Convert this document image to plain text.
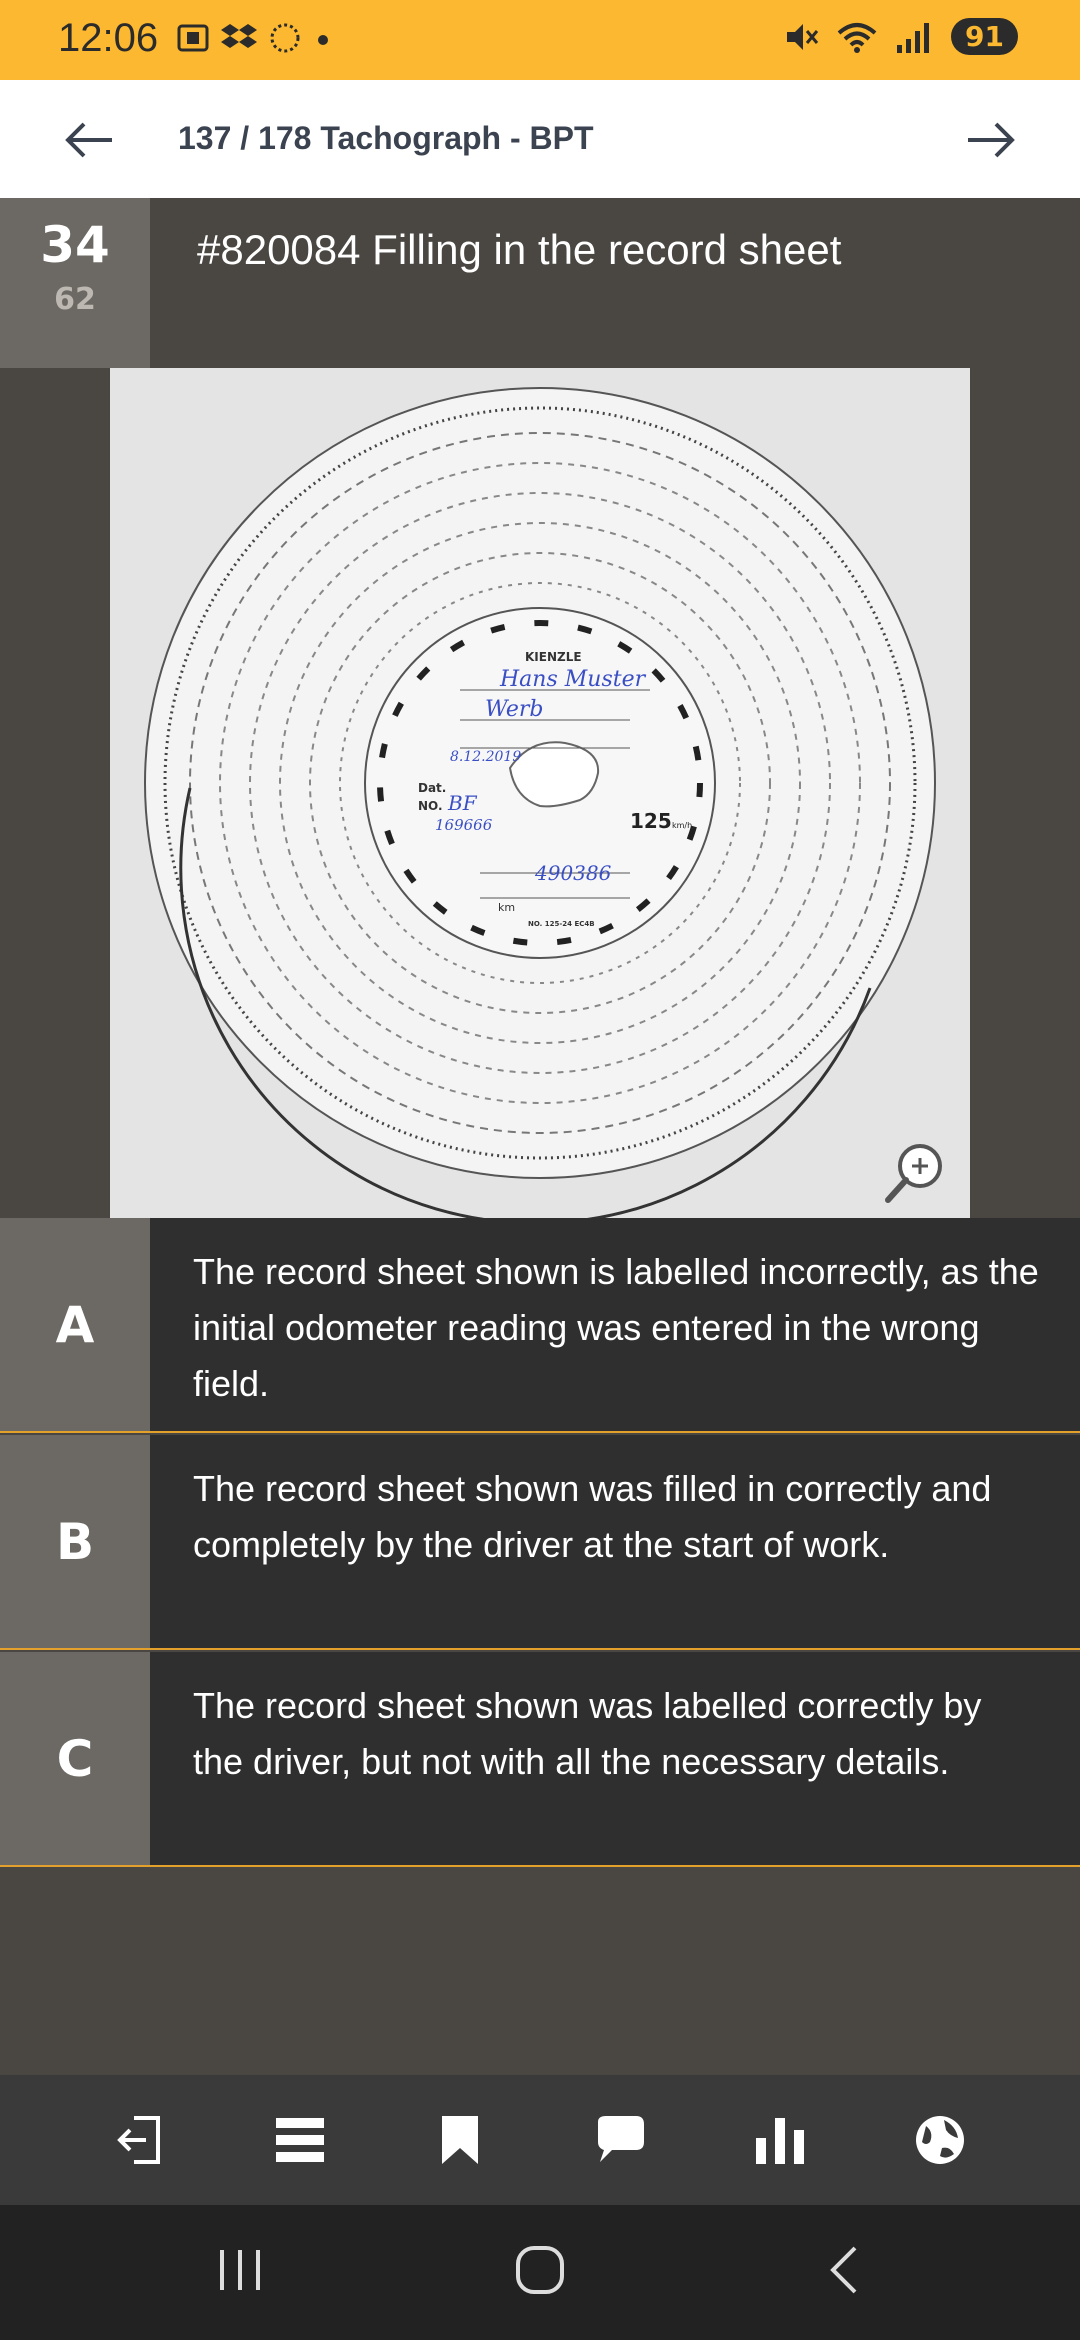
12:06	91
137 / 178 Tachograph - BPT
34
62
#820084 Filling in the record sheet
KIENZLE
Hans Muster
Werb
8.12.2019
Dat.
NO. BF
169666	125 km/h
490386
km
NO. 125-24 EC4B
A
The record sheet shown is labelled incorrectly, as the initial odometer reading was entered in the wrong field.
B
The record sheet shown was filled in correctly and completely by the driver at the start of work.
C
The record sheet shown was labelled correctly by the driver, but not with all the necessary details.
